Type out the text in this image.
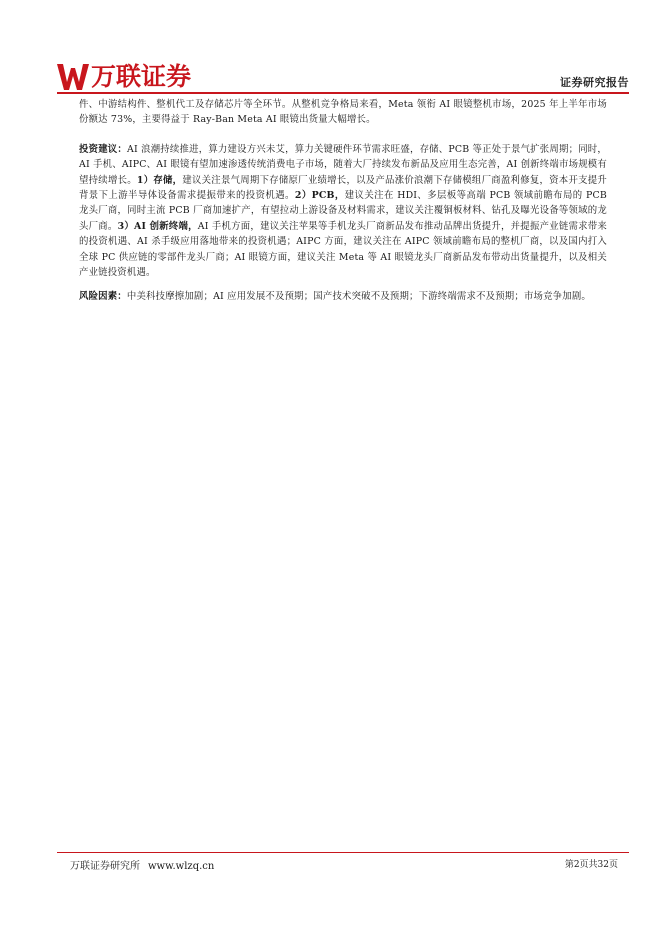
万联证券	证券研究报告

件、中游结构件、整机代工及存储芯片等全环节。从整机竞争格局来看，Meta 领衔 AI 眼镜整机市场，2025 年上半年市场份额达 73%，主要得益于 Ray-Ban Meta AI 眼镜出货量大幅增长。

投资建议：AI 浪潮持续推进，算力建设方兴未艾，算力关键硬件环节需求旺盛，存储、PCB 等正处于景气扩张周期；同时，AI 手机、AIPC、AI 眼镜有望加速渗透传统消费电子市场，随着大厂持续发布新品及应用生态完善，AI 创新终端市场规模有望持续增长。1）存储，建议关注景气周期下存储原厂业绩增长，以及产品涨价浪潮下存储模组厂商盈利修复，资本开支提升背景下上游半导体设备需求提振带来的投资机遇。2）PCB，建议关注在 HDI、多层板等高端 PCB 领域前瞻布局的 PCB 龙头厂商，同时主流 PCB 厂商加速扩产，有望拉动上游设备及材料需求，建议关注覆铜板材料、钻孔及曝光设备等领域的龙头厂商。3）AI 创新终端，AI 手机方面，建议关注苹果等手机龙头厂商新品发布推动品牌出货提升，并提振产业链需求带来的投资机遇、AI 杀手级应用落地带来的投资机遇；AIPC 方面，建议关注在 AIPC 领域前瞻布局的整机厂商，以及国内打入全球 PC 供应链的零部件龙头厂商；AI 眼镜方面，建议关注 Meta 等 AI 眼镜龙头厂商新品发布带动出货量提升，以及相关产业链投资机遇。

风险因素：中美科技摩擦加剧；AI 应用发展不及预期；国产技术突破不及预期；下游终端需求不及预期；市场竞争加剧。

万联证券研究所 www.wlzq.cn	第2页共32页
